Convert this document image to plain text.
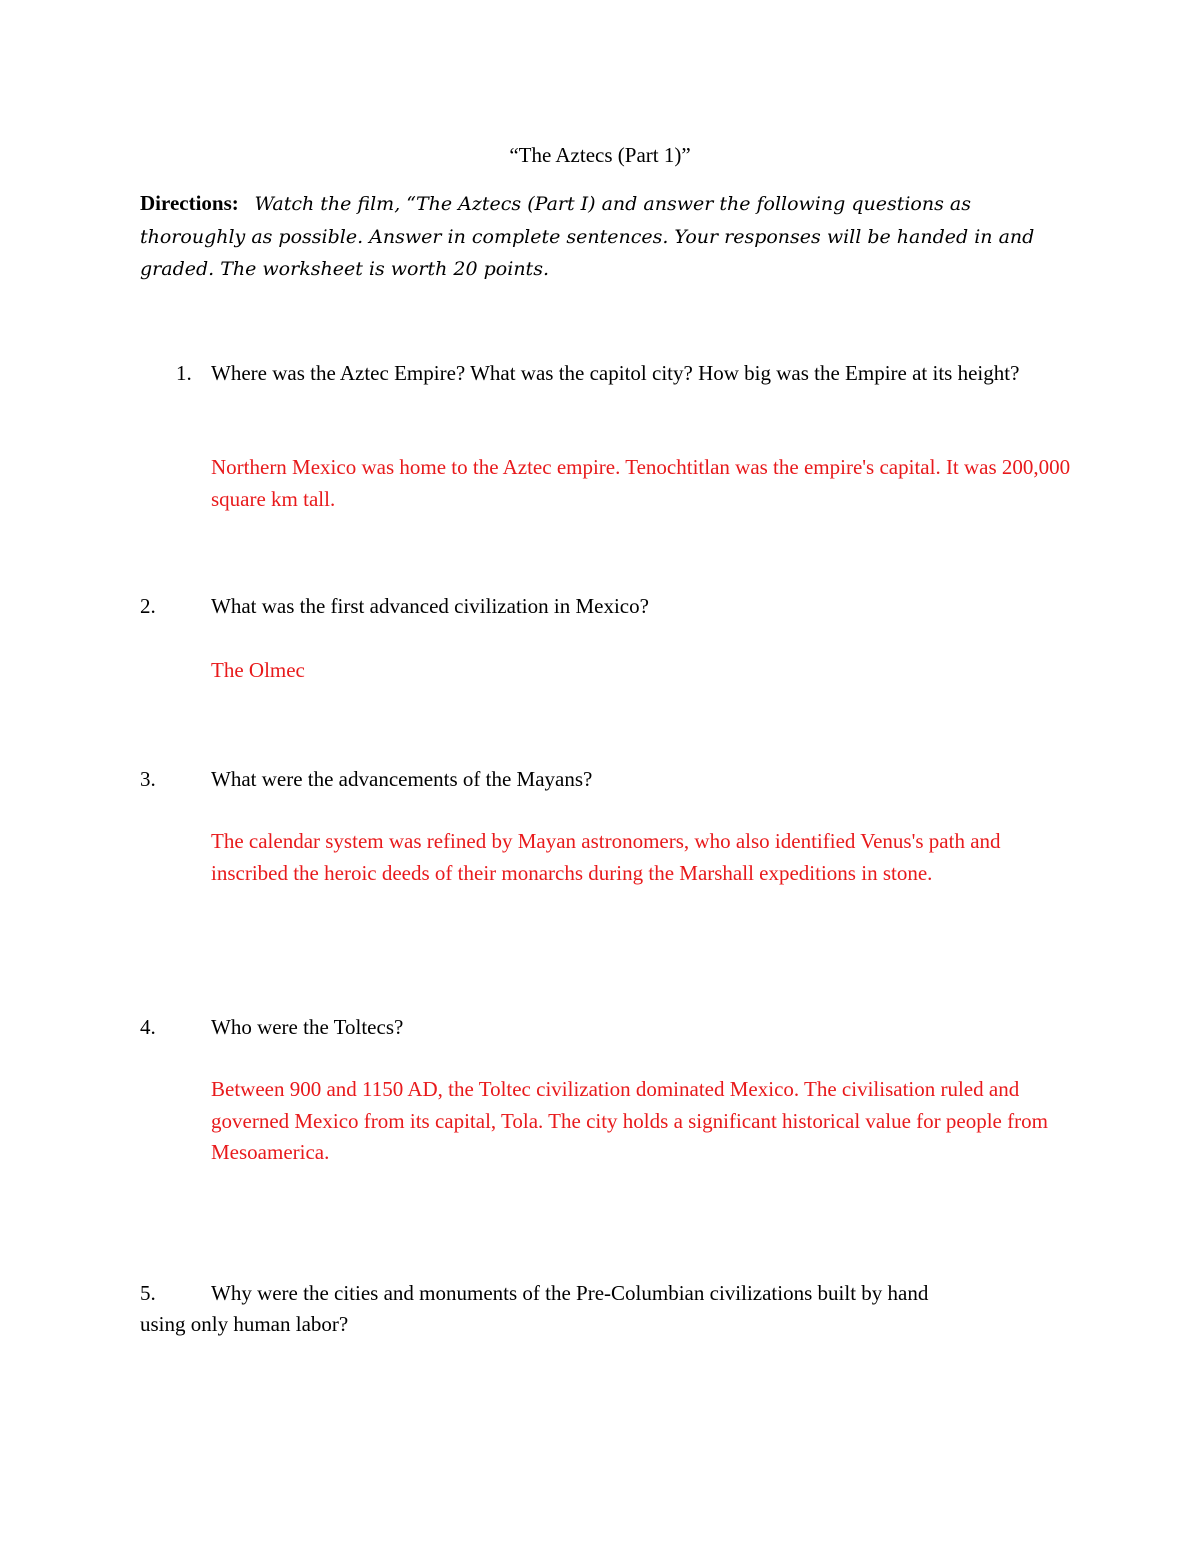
“The Aztecs (Part 1)”
Directions: Watch the film, “The Aztecs (Part I) and answer the following questions as thoroughly as possible. Answer in complete sentences. Your responses will be handed in and graded. The worksheet is worth 20 points.
1. Where was the Aztec Empire? What was the capitol city? How big was the Empire at its height?
Northern Mexico was home to the Aztec empire. Tenochtitlan was the empire's capital. It was 200,000 square km tall.
2.	What was the first advanced civilization in Mexico?
The Olmec
3.	What were the advancements of the Mayans?
The calendar system was refined by Mayan astronomers, who also identified Venus's path and inscribed the heroic deeds of their monarchs during the Marshall expeditions in stone.
4.	Who were the Toltecs?
Between 900 and 1150 AD, the Toltec civilization dominated Mexico. The civilisation ruled and governed Mexico from its capital, Tola. The city holds a significant historical value for people from Mesoamerica.
5.	Why were the cities and monuments of the Pre-Columbian civilizations built by hand
using only human labor?
